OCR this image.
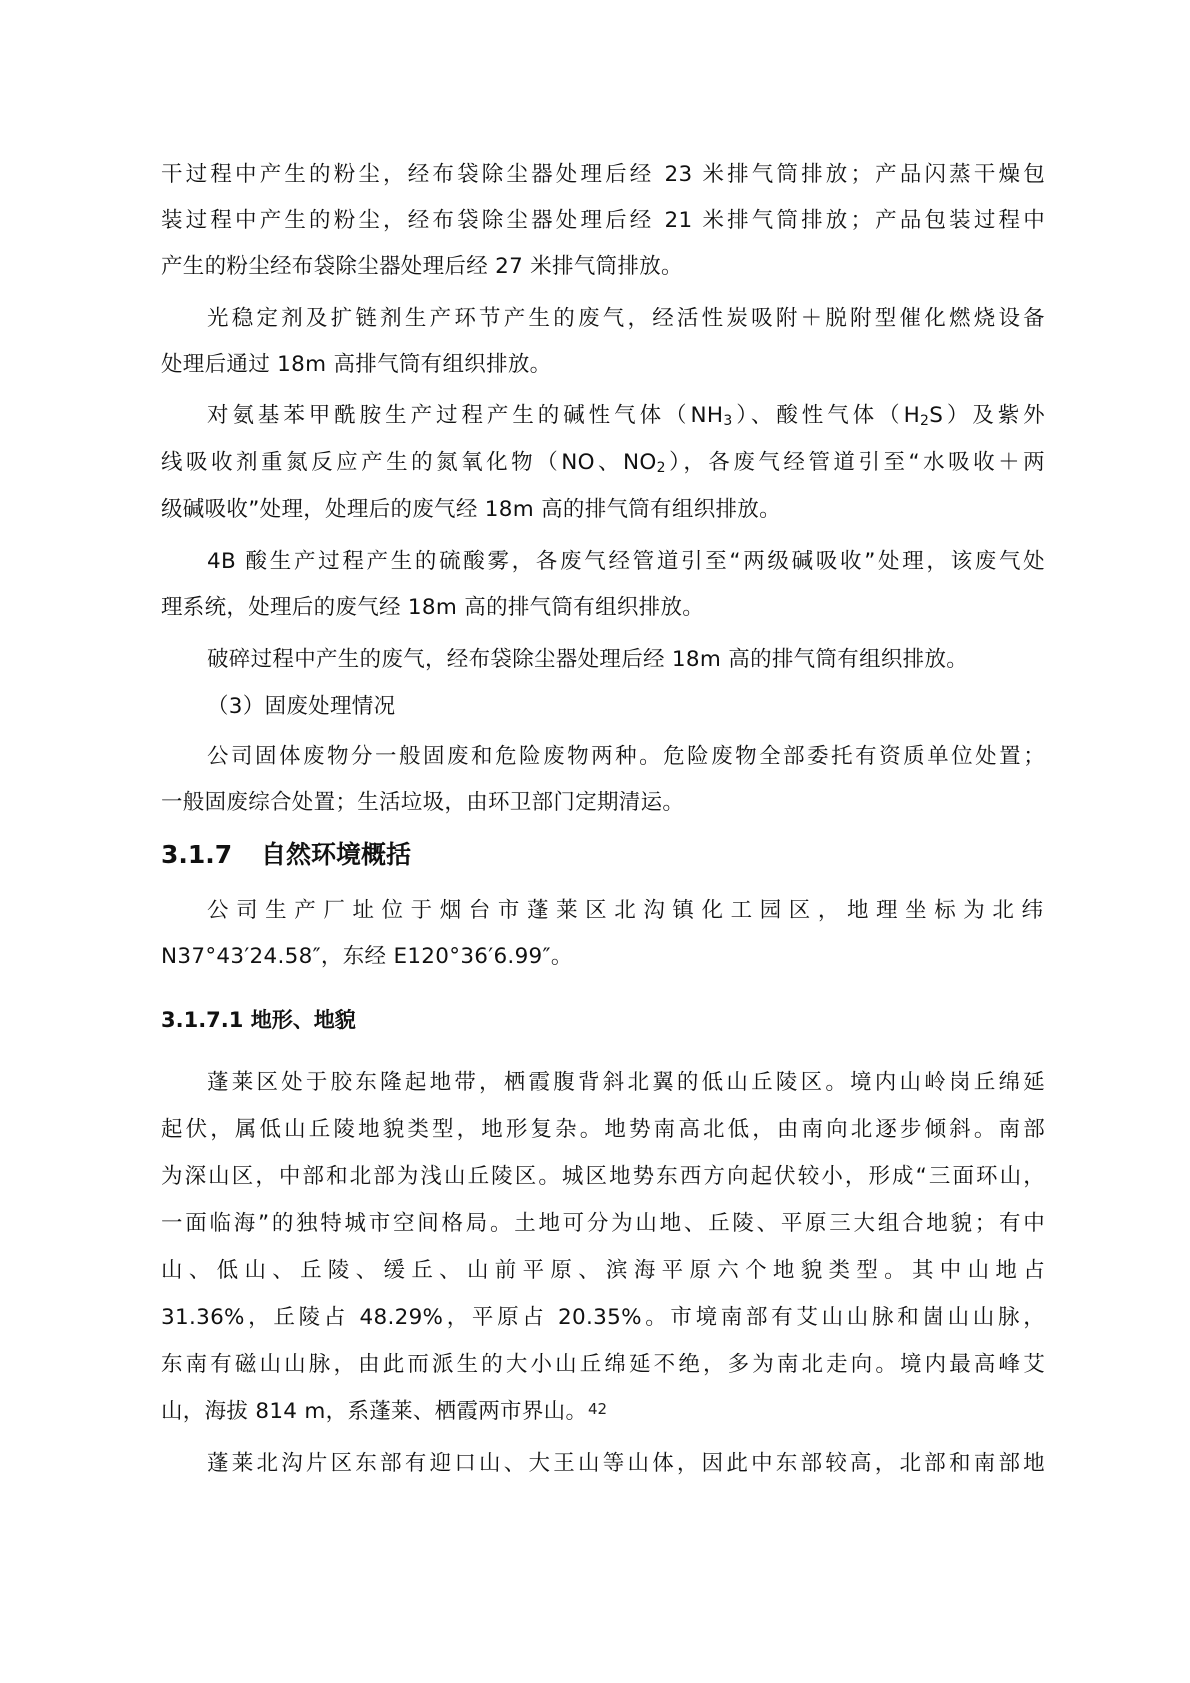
干过程中产生的粉尘，经布袋除尘器处理后经 23 米排气筒排放；产品闪蒸干燥包
装过程中产生的粉尘，经布袋除尘器处理后经 21 米排气筒排放；产品包装过程中
产生的粉尘经布袋除尘器处理后经 27 米排气筒排放。
光稳定剂及扩链剂生产环节产生的废气，经活性炭吸附＋脱附型催化燃烧设备
处理后通过 18m 高排气筒有组织排放。
对氨基苯甲酰胺生产过程产生的碱性气体$(NH_3)$、酸性气体$(H_2S)$及紫外
线吸收剂重氮反应产生的氮氧化物（NO、$NO_2$），各废气经管道引至“水吸收＋两
级碱吸收”处理，处理后的废气经 18m 高的排气筒有组织排放。
4B 酸生产过程产生的硫酸雾，各废气经管道引至“两级碱吸收”处理，该废气处
理系统，处理后的废气经 18m 高的排气筒有组织排放。
破碎过程中产生的废气，经布袋除尘器处理后经 18m 高的排气筒有组织排放。
（3）固废处理情况
公司固体废物分一般固废和危险废物两种。危险废物全部委托有资质单位处置；
一般固废综合处置；生活垃圾，由环卫部门定期清运。
3.1.7 自然环境概括
公司生产厂址位于烟台市蓬莱区北沟镇化工园区，地理坐标为北纬
N37°43′24.58″，东经 E120°36′6.99″。
3.1.7.1 地形、地貌
蓬莱区处于胶东隆起地带，栖霞腹背斜北翼的低山丘陵区。境内山岭岗丘绵延
起伏，属低山丘陵地貌类型，地形复杂。地势南高北低，由南向北逐步倾斜。南部
为深山区，中部和北部为浅山丘陵区。城区地势东西方向起伏较小，形成“三面环山，
一面临海”的独特城市空间格局。土地可分为山地、丘陵、平原三大组合地貌；有中
山、低山、丘陵、缓丘、山前平原、滨海平原六个地貌类型。其中山地占
31.36%，丘陵占 48.29%，平原占 20.35%。市境南部有艾山山脉和崮山山脉，
东南有磁山山脉，由此而派生的大小山丘绵延不绝，多为南北走向。境内最高峰艾
山，海拔 814 m，系蓬莱、栖霞两市界山。 42
蓬莱北沟片区东部有迎口山、大王山等山体，因此中东部较高，北部和南部地
